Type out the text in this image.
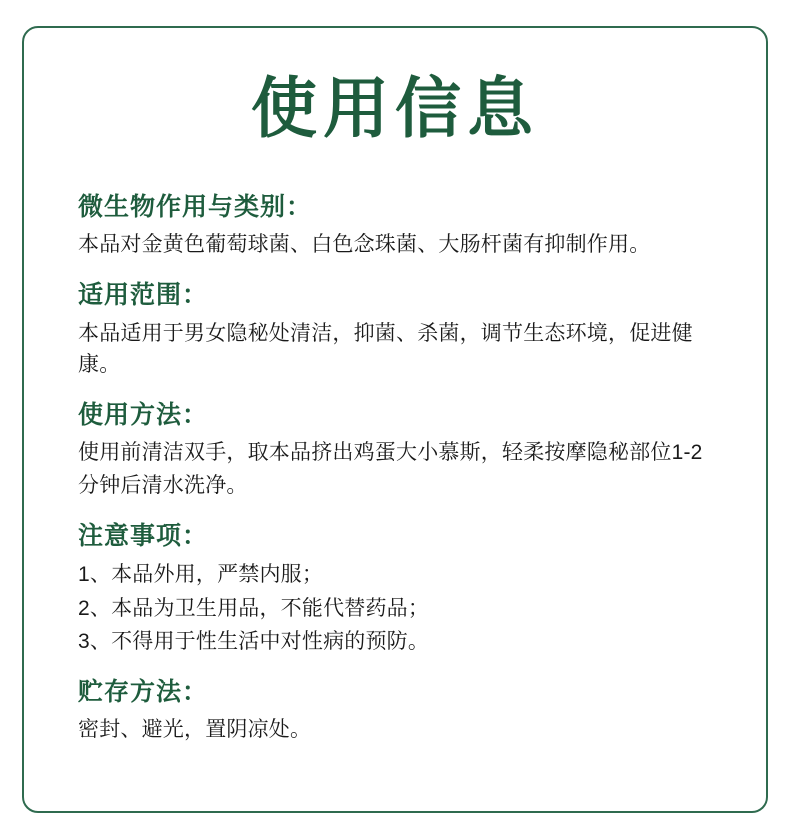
使用信息
微生物作用与类别：
本品对金黄色葡萄球菌、白色念珠菌、大肠杆菌有抑制作用。
适用范围：
本品适用于男女隐秘处清洁，抑菌、杀菌，调节生态环境，促进健康。
使用方法：
使用前清洁双手，取本品挤出鸡蛋大小慕斯，轻柔按摩隐秘部位1-2
分钟后清水洗净。
注意事项：
1、本品外用，严禁内服；
2、本品为卫生用品，不能代替药品；
3、不得用于性生活中对性病的预防。
贮存方法：
密封、避光，置阴凉处。
